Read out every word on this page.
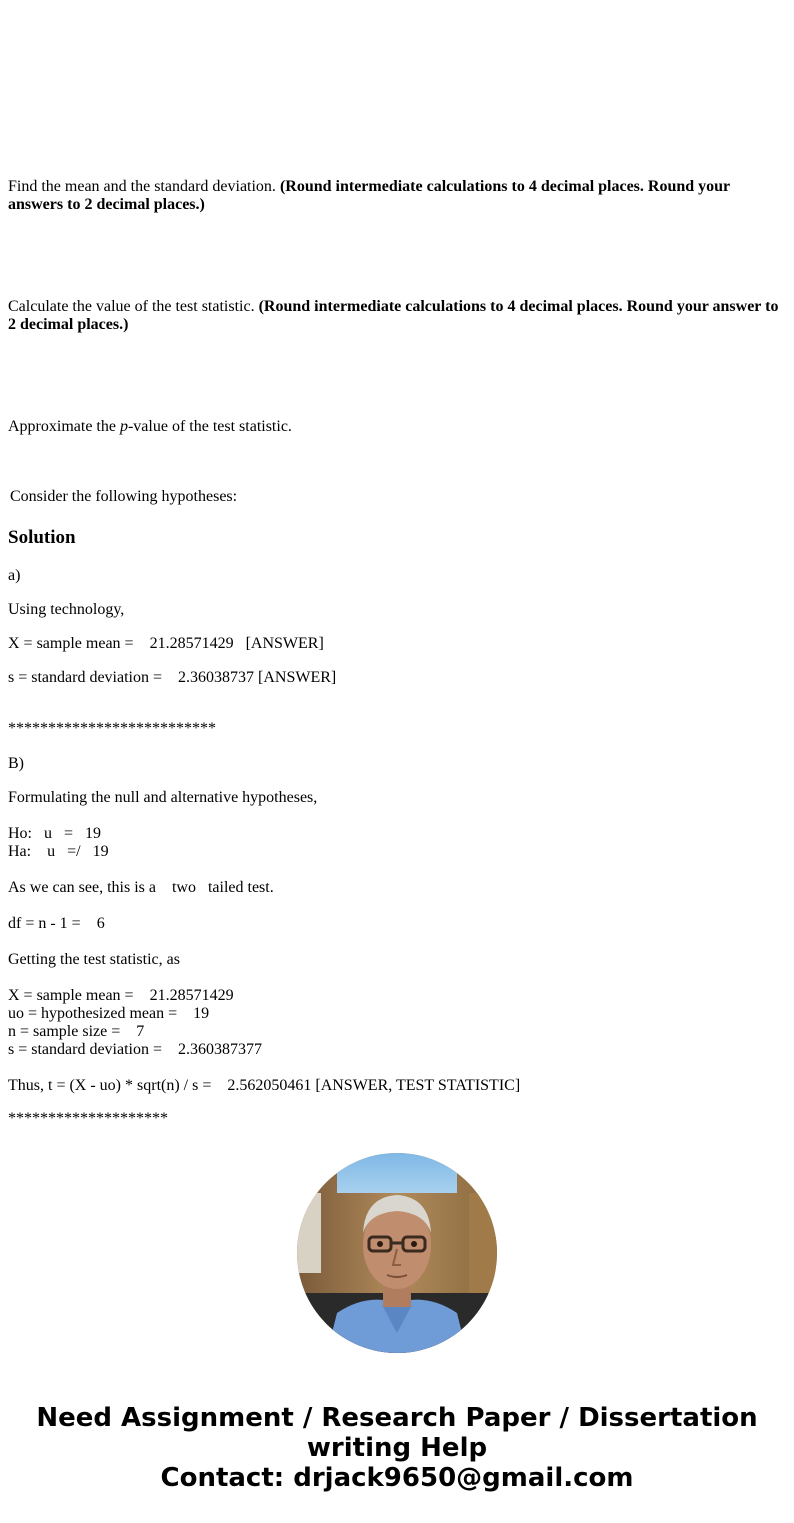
Find the mean and the standard deviation. (Round intermediate calculations to 4 decimal places. Round your answers to 2 decimal places.)
Calculate the value of the test statistic. (Round intermediate calculations to 4 decimal places. Round your answer to 2 decimal places.)
Approximate the p-value of the test statistic.
Consider the following hypotheses:
Solution
a)
Using technology,
X = sample mean =    21.28571429   [ANSWER]
s = standard deviation =    2.36038737 [ANSWER]
**************************
B)
Formulating the null and alternative hypotheses,
Ho:   u   =   19
Ha:    u   =/   19
As we can see, this is a    two   tailed test.
df = n - 1 =    6
Getting the test statistic, as
X = sample mean =    21.28571429
uo = hypothesized mean =    19
n = sample size =    7
s = standard deviation =    2.360387377
Thus, t = (X - uo) * sqrt(n) / s =    2.562050461 [ANSWER, TEST STATISTIC]
********************
Need Assignment / Research Paper / Dissertation
writing Help
Contact: drjack9650@gmail.com
